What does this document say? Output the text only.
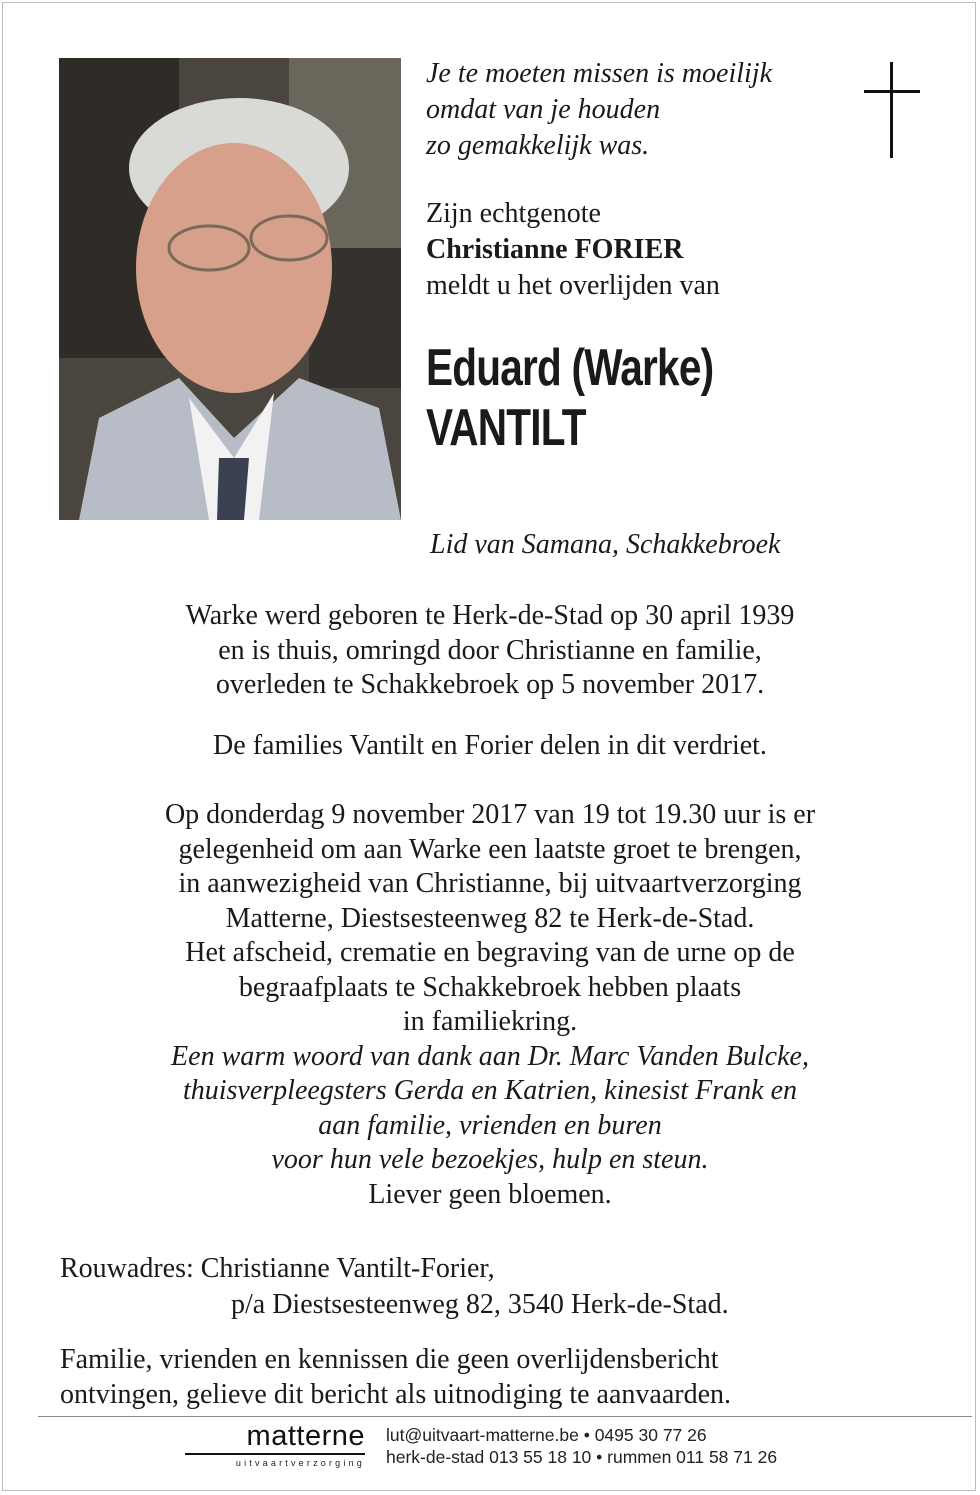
Je te moeten missen is moeilijk
omdat van je houden
zo gemakkelijk was.
Zijn echtgenote
Christianne FORIER
meldt u het overlijden van
Eduard (Warke)
VANTILT
Lid van Samana, Schakkebroek
Warke werd geboren te Herk-de-Stad op 30 april 1939
en is thuis, omringd door Christianne en familie,
overleden te Schakkebroek op 5 november 2017.
De families Vantilt en Forier delen in dit verdriet.
Op donderdag 9 november 2017 van 19 tot 19.30 uur is er
gelegenheid om aan Warke een laatste groet te brengen,
in aanwezigheid van Christianne, bij uitvaartverzorging
Matterne, Diestsesteenweg 82 te Herk-de-Stad.
Het afscheid, crematie en begraving van de urne op de
begraafplaats te Schakkebroek hebben plaats
in familiekring.
Een warm woord van dank aan Dr. Marc Vanden Bulcke,
thuisverpleegsters Gerda en Katrien, kinesist Frank en
aan familie, vrienden en buren
voor hun vele bezoekjes, hulp en steun.
Liever geen bloemen.
Rouwadres: Christianne Vantilt-Forier,
p/a Diestsesteenweg 82, 3540 Herk-de-Stad.
Familie, vrienden en kennissen die geen overlijdensbericht
ontvingen, gelieve dit bericht als uitnodiging te aanvaarden.
matterne
uitvaartverzorging
lut@uitvaart-matterne.be • 0495 30 77 26
herk-de-stad 013 55 18 10 • rummen 011 58 71 26
